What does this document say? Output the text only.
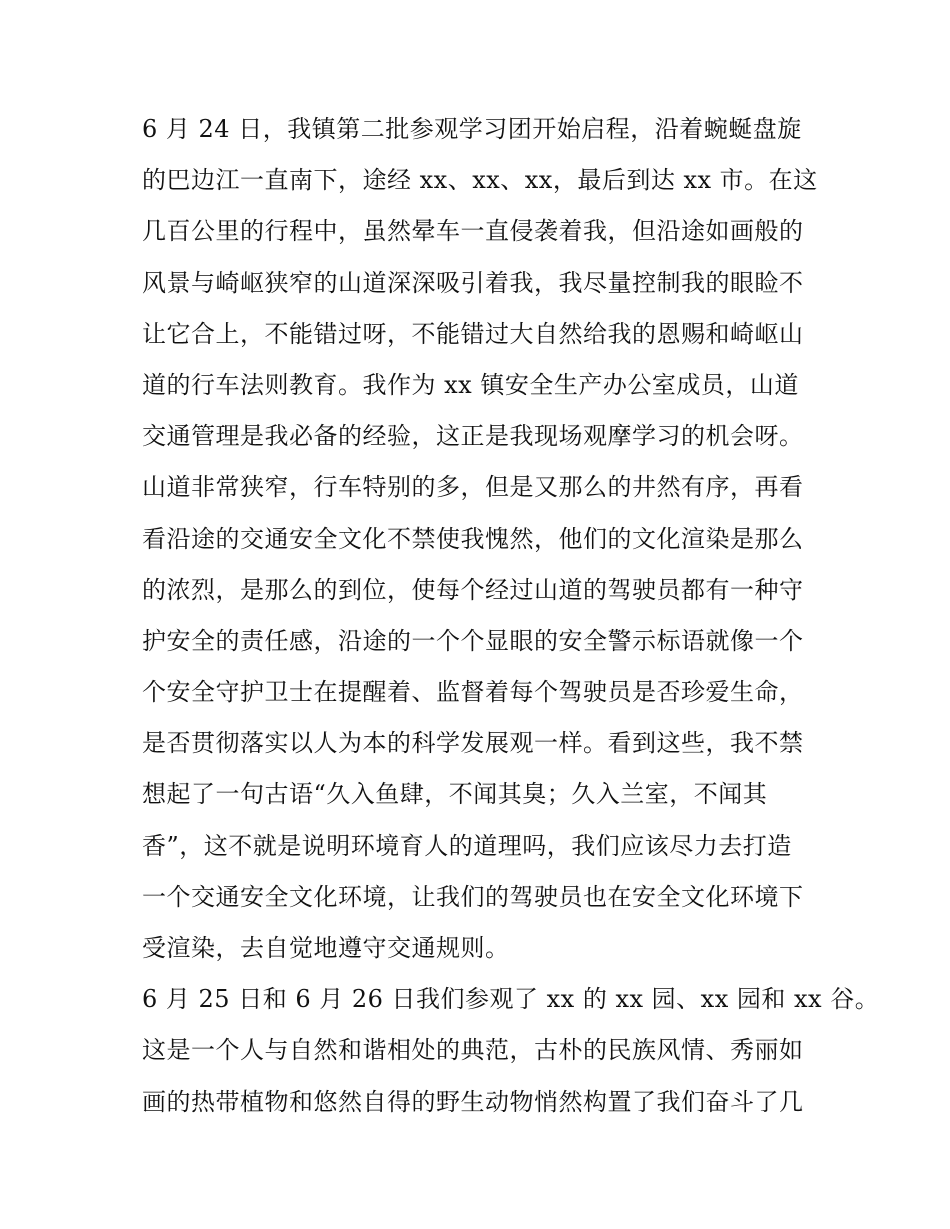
6 月 24 日，我镇第二批参观学习团开始启程，沿着蜿蜒盘旋
的巴边江一直南下，途经 xx、xx、xx，最后到达 xx 市。在这
几百公里的行程中，虽然晕车一直侵袭着我，但沿途如画般的
风景与崎岖狭窄的山道深深吸引着我，我尽量控制我的眼睑不
让它合上，不能错过呀，不能错过大自然给我的恩赐和崎岖山
道的行车法则教育。我作为 xx 镇安全生产办公室成员，山道
交通管理是我必备的经验，这正是我现场观摩学习的机会呀。
山道非常狭窄，行车特别的多，但是又那么的井然有序，再看
看沿途的交通安全文化不禁使我愧然，他们的文化渲染是那么
的浓烈，是那么的到位，使每个经过山道的驾驶员都有一种守
护安全的责任感，沿途的一个个显眼的安全警示标语就像一个
个安全守护卫士在提醒着、监督着每个驾驶员是否珍爱生命，
是否贯彻落实以人为本的科学发展观一样。看到这些，我不禁
想起了一句古语“久入鱼肆，不闻其臭；久入兰室，不闻其
香”，这不就是说明环境育人的道理吗，我们应该尽力去打造
一个交通安全文化环境，让我们的驾驶员也在安全文化环境下
受渲染，去自觉地遵守交通规则。
6 月 25 日和 6 月 26 日我们参观了 xx 的 xx 园、xx 园和 xx 谷。
这是一个人与自然和谐相处的典范，古朴的民族风情、秀丽如
画的热带植物和悠然自得的野生动物悄然构置了我们奋斗了几
